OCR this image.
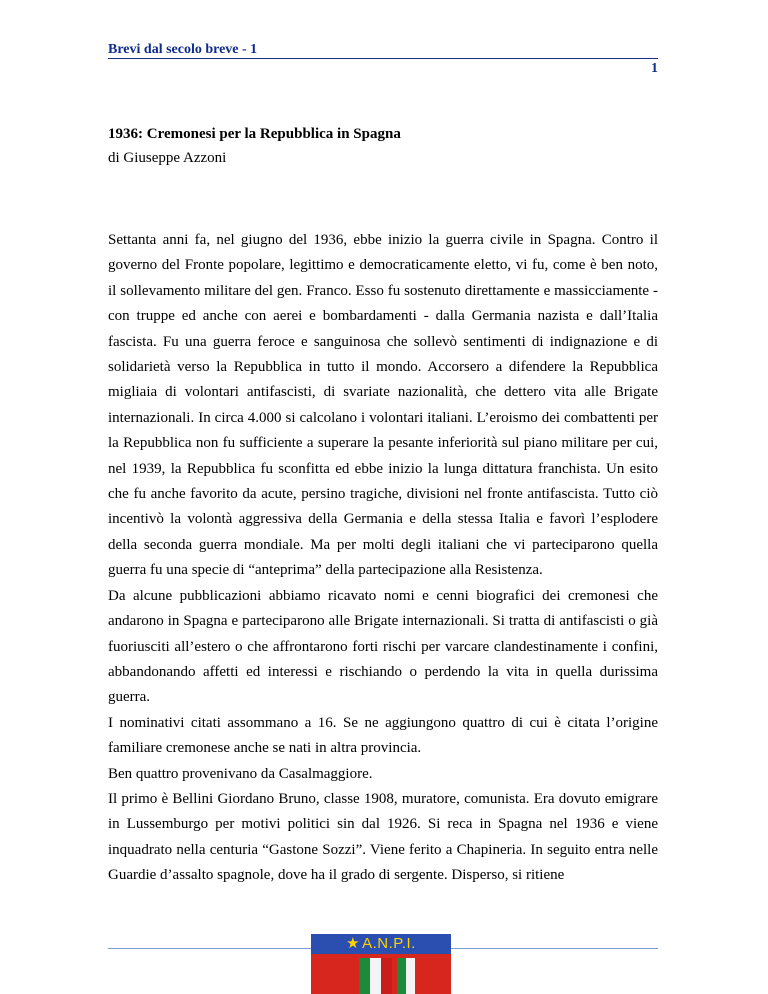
Brevi dal secolo breve - 1
1
1936: Cremonesi per la Repubblica in Spagna
di Giuseppe Azzoni

Settanta anni fa, nel giugno del 1936, ebbe inizio la guerra civile in Spagna. Contro il governo del Fronte popolare, legittimo e democraticamente eletto, vi fu, come è ben noto, il sollevamento militare del gen. Franco. Esso fu sostenuto direttamente e massicciamente - con truppe ed anche con aerei e bombardamenti - dalla Germania nazista e dall’Italia fascista. Fu una guerra feroce e sanguinosa che sollevò sentimenti di indignazione e di solidarietà verso la Repubblica in tutto il mondo. Accorsero a difendere la Repubblica migliaia di volontari antifascisti, di svariate nazionalità, che dettero vita alle Brigate internazionali. In circa 4.000 si calcolano i volontari italiani. L’eroismo dei combattenti per la Repubblica non fu sufficiente a superare la pesante inferiorità sul piano militare per cui, nel 1939, la Repubblica fu sconfitta ed ebbe inizio la lunga dittatura franchista. Un esito che fu anche favorito da acute, persino tragiche, divisioni nel fronte antifascista. Tutto ciò incentivò la volontà aggressiva della Germania e della stessa Italia e favorì l’esplodere della seconda guerra mondiale. Ma per molti degli italiani che vi parteciparono quella guerra fu una specie di “anteprima” della partecipazione alla Resistenza.

Da alcune pubblicazioni abbiamo ricavato nomi e cenni biografici dei cremonesi che andarono in Spagna e parteciparono alle Brigate internazionali. Si tratta di antifascisti o già fuoriusciti all’estero o che affrontarono forti rischi per varcare clandestinamente i confini, abbandonando affetti ed interessi e rischiando o perdendo la vita in quella durissima guerra.

I nominativi citati assommano a 16. Se ne aggiungono quattro di cui è citata l’origine familiare cremonese anche se nati in altra provincia.

Ben quattro provenivano da Casalmaggiore.

Il primo è Bellini Giordano Bruno, classe 1908, muratore, comunista. Era dovuto emigrare in Lussemburgo per motivi politici sin dal 1926. Si reca in Spagna nel 1936 e viene inquadrato nella centuria “Gastone Sozzi”. Viene ferito a Chapineria. In seguito entra nelle Guardie d’assalto spagnole, dove ha il grado di sergente. Disperso, si ritiene

★ A.N.P.I.
